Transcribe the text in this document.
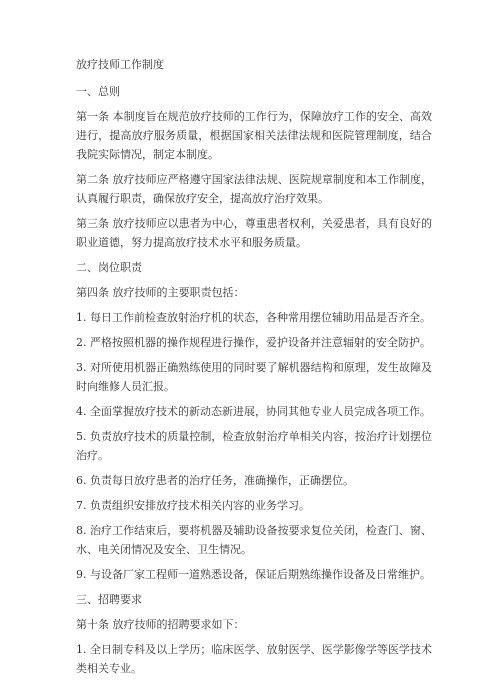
放疗技师工作制度
一、总则

第一条 本制度旨在规范放疗技师的工作行为，保障放疗工作的安全、高效进行，提高放疗服务质量，根据国家相关法律法规和医院管理制度，结合我院实际情况，制定本制度。

第二条 放疗技师应严格遵守国家法律法规、医院规章制度和本工作制度，认真履行职责，确保放疗安全，提高放疗治疗效果。

第三条 放疗技师应以患者为中心，尊重患者权利，关爱患者，具有良好的职业道德，努力提高放疗技术水平和服务质量。

二、岗位职责

第四条 放疗技师的主要职责包括：

1. 每日工作前检查放射治疗机的状态，各种常用摆位辅助用品是否齐全。
2. 严格按照机器的操作规程进行操作，爱护设备并注意辐射的安全防护。
3. 对所使用机器正确熟练使用的同时要了解机器结构和原理，发生故障及时向维修人员汇报。
4. 全面掌握放疗技术的新动态新进展，协同其他专业人员完成各项工作。
5. 负责放疗技术的质量控制，检查放射治疗单相关内容，按治疗计划摆位治疗。
6. 负责每日放疗患者的治疗任务，准确操作，正确摆位。
7. 负责组织安排放疗技术相关内容的业务学习。
8. 治疗工作结束后，要将机器及辅助设备按要求复位关闭，检查门、窗、水、电关闭情况及安全、卫生情况。
9. 与设备厂家工程师一道熟悉设备，保证后期熟练操作设备及日常维护。
三、招聘要求

第十条 放疗技师的招聘要求如下：

1. 全日制专科及以上学历；临床医学、放射医学、医学影像学等医学技术类相关专业。
